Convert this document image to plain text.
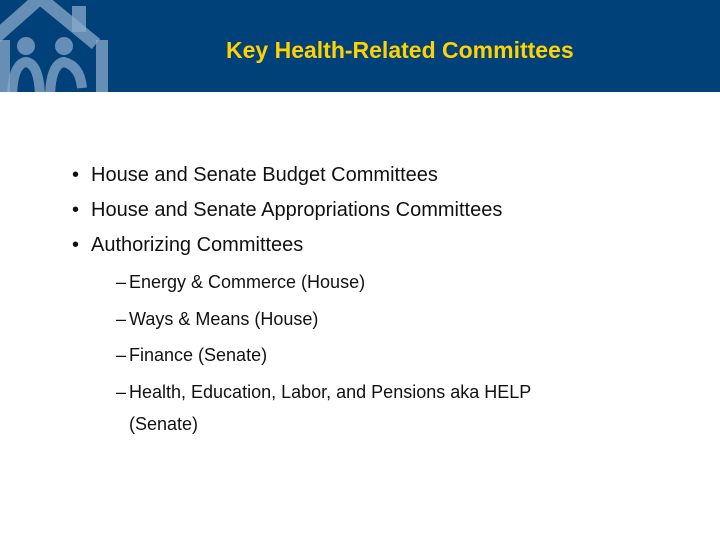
Key Health-Related Committees
• House and Senate Budget Committees
• House and Senate Appropriations Committees
• Authorizing Committees
– Energy & Commerce (House)
– Ways & Means (House)
– Finance (Senate)
– Health, Education, Labor, and Pensions aka HELP
(Senate)
